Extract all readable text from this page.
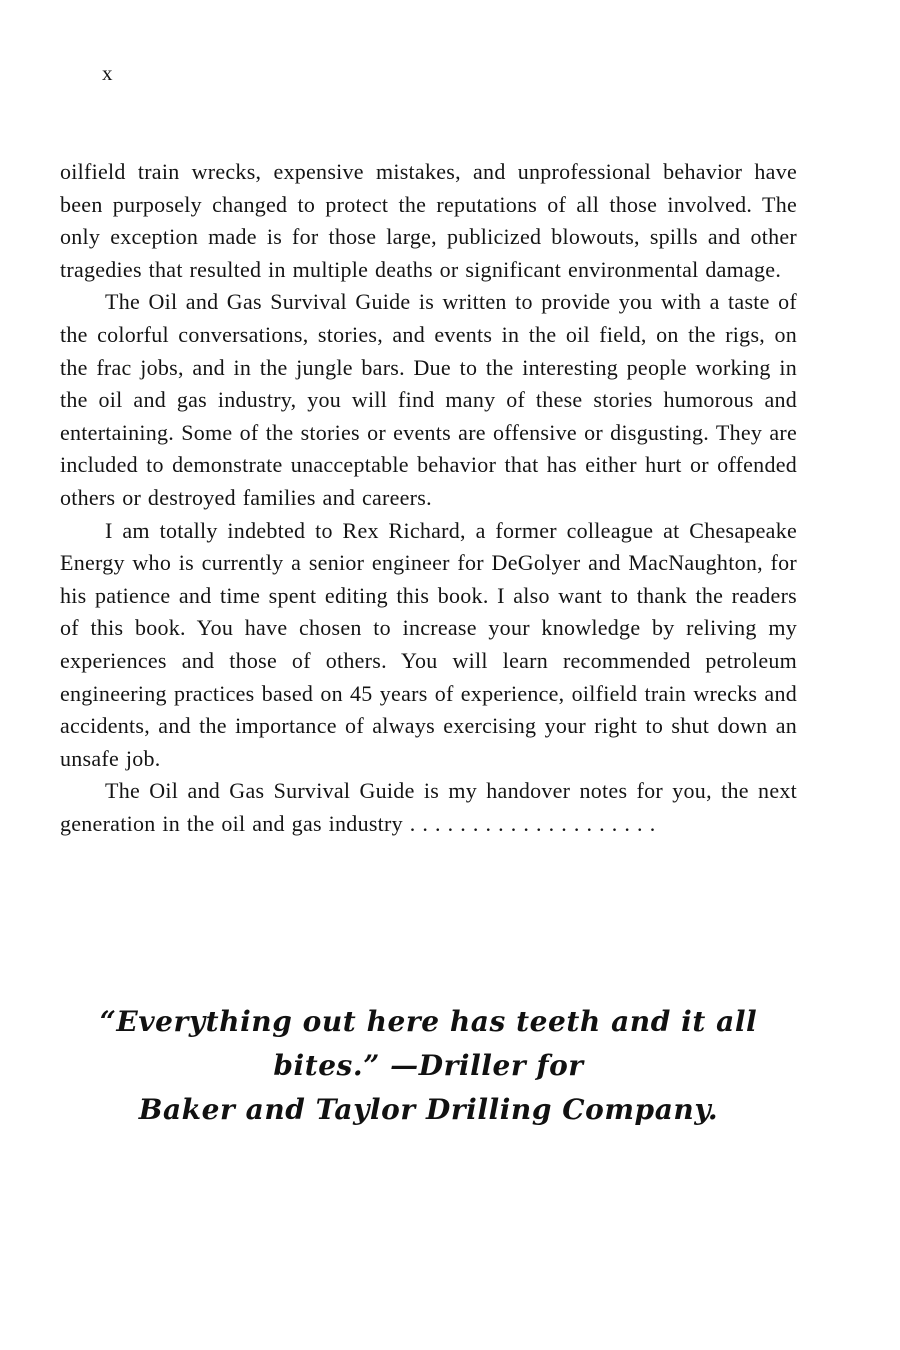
x

oilfield train wrecks, expensive mistakes, and unprofessional behavior have been purposely changed to protect the reputations of all those involved. The only exception made is for those large, publicized blowouts, spills and other tragedies that resulted in multiple deaths or significant environmental damage.

The Oil and Gas Survival Guide is written to provide you with a taste of the colorful conversations, stories, and events in the oil field, on the rigs, on the frac jobs, and in the jungle bars. Due to the interesting people working in the oil and gas industry, you will find many of these stories humorous and entertaining. Some of the stories or events are offensive or disgusting. They are included to demonstrate unacceptable behavior that has either hurt or offended others or destroyed families and careers.

I am totally indebted to Rex Richard, a former colleague at Chesapeake Energy who is currently a senior engineer for DeGolyer and MacNaughton, for his patience and time spent editing this book. I also want to thank the readers of this book. You have chosen to increase your knowledge by reliving my experiences and those of others. You will learn recommended petroleum engineering practices based on 45 years of experience, oilfield train wrecks and accidents, and the importance of always exercising your right to shut down an unsafe job.

The Oil and Gas Survival Guide is my handover notes for you, the next generation in the oil and gas industry . . . . . . . . . . . . . . . . . . . .

“Everything out here has teeth and it all bites.” —Driller for
Baker and Taylor Drilling Company.
